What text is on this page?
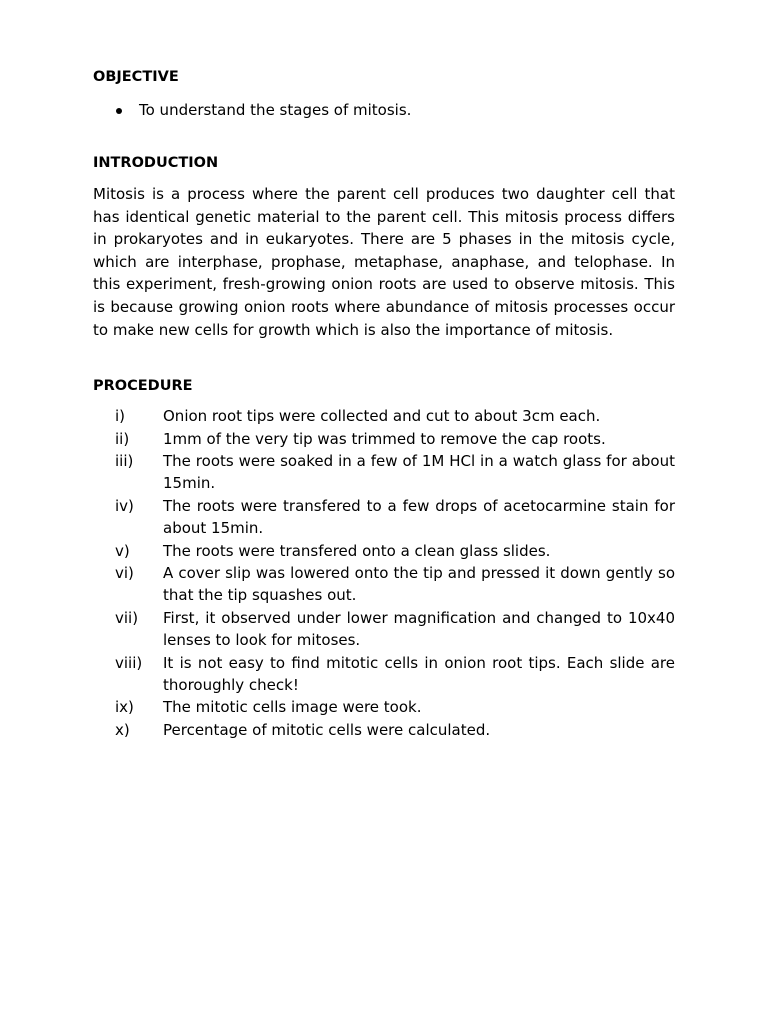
OBJECTIVE
To understand the stages of mitosis.
INTRODUCTION

Mitosis is a process where the parent cell produces two daughter cell that has identical genetic material to the parent cell. This mitosis process differs in prokaryotes and in eukaryotes. There are 5 phases in the mitosis cycle, which are interphase, prophase, metaphase, anaphase, and telophase. In this experiment, fresh-growing onion roots are used to observe mitosis. This is because growing onion roots where abundance of mitosis processes occur to make new cells for growth which is also the importance of mitosis.

PROCEDURE
i)	Onion root tips were collected and cut to about 3cm each.
ii)	1mm of the very tip was trimmed to remove the cap roots.
iii)	The roots were soaked in a few of 1M HCl in a watch glass for about 15min.
iv)	The roots were transfered to a few drops of acetocarmine stain for about 15min.
v)	The roots were transfered onto a clean glass slides.
vi)	A cover slip was lowered onto the tip and pressed it down gently so that the tip squashes out.
vii)	First, it observed under lower magnification and changed to 10x40 lenses to look for mitoses.
viii)	It is not easy to find mitotic cells in onion root tips. Each slide are thoroughly check!
ix)	The mitotic cells image were took.
x)	Percentage of mitotic cells were calculated.
